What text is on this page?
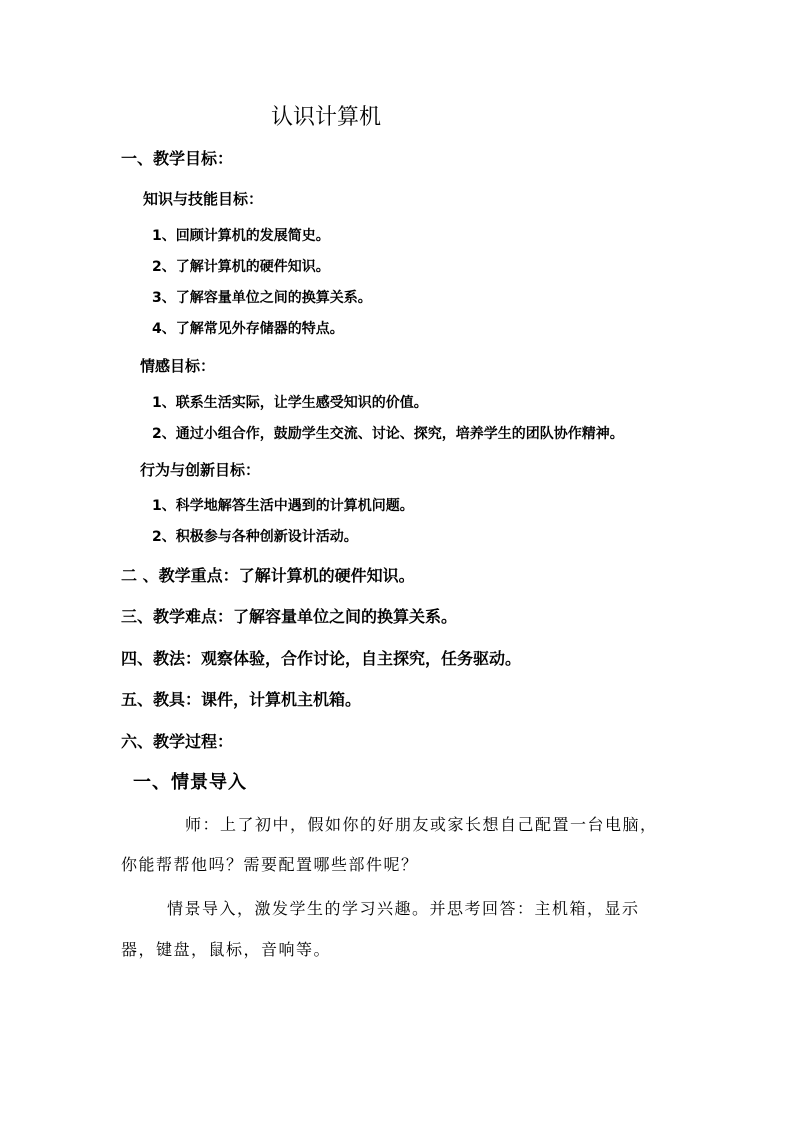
认识计算机
一、教学目标：
知识与技能目标：
1、回顾计算机的发展简史。
2、了解计算机的硬件知识。
3、了解容量单位之间的换算关系。
4、了解常见外存储器的特点。
情感目标：
1、联系生活实际，让学生感受知识的价值。
2、通过小组合作，鼓励学生交流、讨论、探究，培养学生的团队协作精神。
行为与创新目标：
1、科学地解答生活中遇到的计算机问题。
2、积极参与各种创新设计活动。
二 、教学重点：了解计算机的硬件知识。
三、教学难点：了解容量单位之间的换算关系。
四、教法：观察体验，合作讨论，自主探究，任务驱动。
五、教具：课件，计算机主机箱。
六、教学过程：
一、情景导入
师：上了初中，假如你的好朋友或家长想自己配置一台电脑，
你能帮帮他吗？需要配置哪些部件呢？
情景导入，激发学生的学习兴趣。并思考回答：主机箱，显示
器，键盘，鼠标，音响等。
